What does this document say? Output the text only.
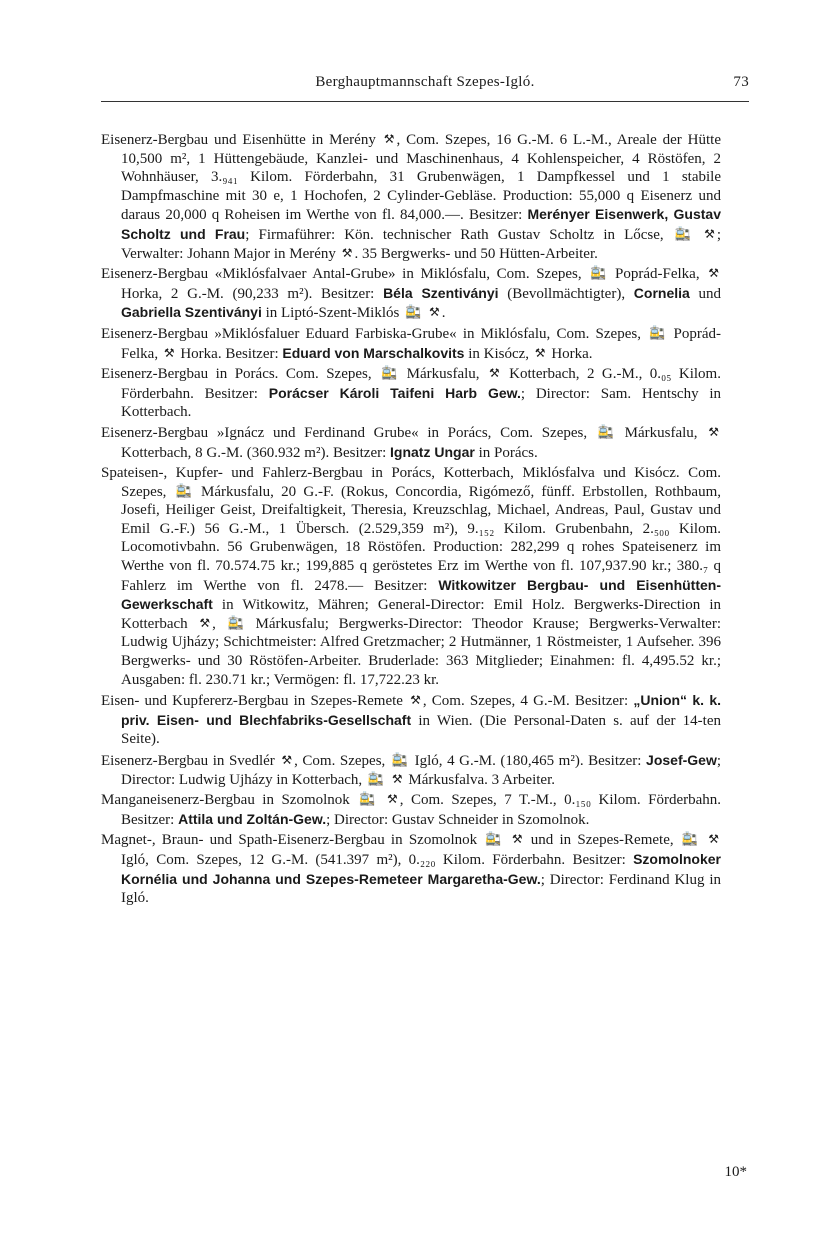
Berghauptmannschaft Szepes-Igló.	73

Eisenerz-Bergbau und Eisenhütte in Merény ⚒ , Com. Szepes, 16 G.-M. 6 L.-M., Areale der Hütte 10,500 m², 1 Hüttengebäude, Kanzlei- und Maschinenhaus, 4 Kohlenspeicher, 4 Röstöfen, 2 Wohnhäuser, 3.₉₄₁ Kilom. Förderbahn, 31 Grubenwägen, 1 Dampfkessel und 1 stabile Dampfmaschine mit 30 e, 1 Hochofen, 2 Cylinder-Gebläse. Production: 55,000 q Eisenerz und daraus 20,000 q Roheisen im Werthe von fl. 84,000.—. Besitzer: Merényer Eisenwerk, Gustav Scholtz und Frau; Firmaführer: Kön. technischer Rath Gustav Scholtz in Lőcse, 🚉 ⚒ ; Verwalter: Johann Major in Merény ⚒ . 35 Bergwerks- und 50 Hütten-Arbeiter.

Eisenerz-Bergbau «Miklósfalvaer Antal-Grube» in Miklósfalu, Com. Szepes, 🚉 Poprád-Felka, ⚒ Horka, 2 G.-M. (90,233 m²). Besitzer: Béla Szentiványi (Bevollmächtigter), Cornelia und Gabriella Szentiványi in Liptó-Szent-Miklós 🚉 ⚒ .

Eisenerz-Bergbau »Miklósfaluer Eduard Farbiska-Grube« in Miklósfalu, Com. Szepes, 🚉 Poprád-Felka, ⚒ Horka. Besitzer: Eduard von Marschalkovits in Kisócz, ⚒ Horka.

Eisenerz-Bergbau in Porács. Com. Szepes, 🚉 Márkusfalu, ⚒ Kotterbach, 2 G.-M., 0.₀₅ Kilom. Förderbahn. Besitzer: Porácser Károli Taifeni Harb Gew.; Director: Sam. Hentschy in Kotterbach.

Eisenerz-Bergbau »Ignácz und Ferdinand Grube« in Porács, Com. Szepes, 🚉 Márkusfalu, ⚒ Kotterbach, 8 G.-M. (360.932 m²). Besitzer: Ignatz Ungar in Porács.

Spateisen-, Kupfer- und Fahlerz-Bergbau in Porács, Kotterbach, Miklósfalva und Kisócz. Com. Szepes, 🚉 Márkusfalu, 20 G.-F. (Rokus, Concordia, Rigómező, fünff. Erbstollen, Rothbaum, Josefi, Heiliger Geist, Dreifaltigkeit, Theresia, Kreuzschlag, Michael, Andreas, Paul, Gustav und Emil G.-F.) 56 G.-M., 1 Übersch. (2.529,359 m²), 9.₁₅₂ Kilom. Grubenbahn, 2.₅₀₀ Kilom. Locomotivbahn. 56 Grubenwägen, 18 Röstöfen. Production: 282,299 q rohes Spateisenerz im Werthe von fl. 70.574.75 kr.; 199,885 q geröstetes Erz im Werthe von fl. 107,937.90 kr.; 380.₇ q Fahlerz im Werthe von fl. 2478.— Besitzer: Witkowitzer Bergbau- und Eisenhütten-Gewerkschaft in Witkowitz, Mähren; General-Director: Emil Holz. Bergwerks-Direction in Kotterbach ⚒ , 🚉 Márkusfalu; Bergwerks-Director: Theodor Krause; Bergwerks-Verwalter: Ludwig Ujházy; Schichtmeister: Alfred Gretzmacher; 2 Hutmänner, 1 Röstmeister, 1 Aufseher. 396 Bergwerks- und 30 Röstöfen-Arbeiter. Bruderlade: 363 Mitglieder; Einahmen: fl. 4,495.52 kr.; Ausgaben: fl. 230.71 kr.; Vermögen: fl. 17,722.23 kr.

Eisen- und Kupfererz-Bergbau in Szepes-Remete ⚒ , Com. Szepes, 4 G.-M. Besitzer: „Union“ k. k. priv. Eisen- und Blechfabriks-Gesellschaft in Wien. (Die Personal-Daten s. auf der 14-ten Seite).

Eisenerz-Bergbau in Svedlér ⚒ , Com. Szepes, 🚉 Igló, 4 G.-M. (180,465 m²). Besitzer: Josef-Gew; Director: Ludwig Ujházy in Kotterbach, 🚉 ⚒ Márkusfalva. 3 Arbeiter.

Manganeisenerz-Bergbau in Szomolnok 🚉 ⚒ , Com. Szepes, 7 T.-M., 0.₁₅₀ Kilom. Förderbahn. Besitzer: Attila und Zoltán-Gew.; Director: Gustav Schneider in Szomolnok.

Magnet-, Braun- und Spath-Eisenerz-Bergbau in Szomolnok 🚉 ⚒ und in Szepes-Remete, 🚉 ⚒ Igló, Com. Szepes, 12 G.-M. (541.397 m²), 0.₂₂₀ Kilom. Förderbahn. Besitzer: Szomolnoker Kornélia und Johanna und Szepes-Remeteer Margaretha-Gew.; Director: Ferdinand Klug in Igló.

10*
